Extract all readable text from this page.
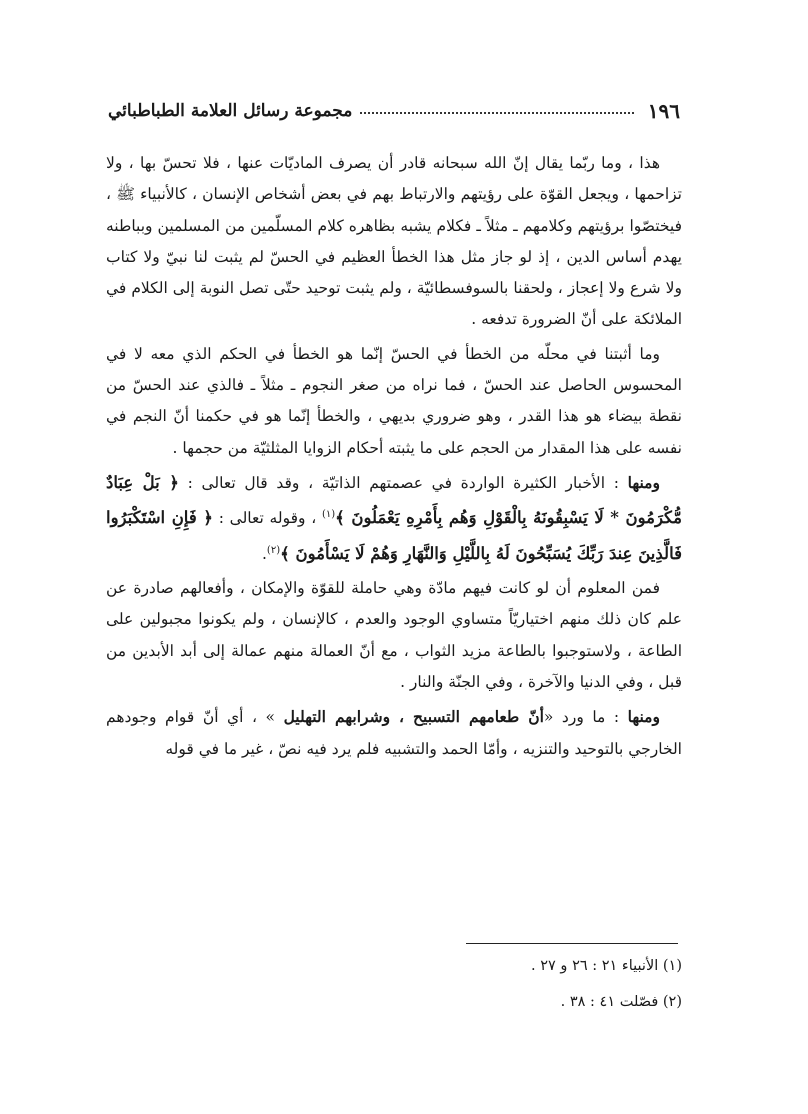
١٩٦
مجموعة رسائل العلامة الطباطبائي

هذا ، وما ربّما يقال إنّ الله سبحانه قادر أن يصرف الماديّات عنها ، فلا تحسّ بها ، ولا تزاحمها ، ويجعل القوّة على رؤيتهم والارتباط بهم في بعض أشخاص الإنسان ، كالأنبياء ﷺ ، فيختصّوا برؤيتهم وكلامهم ـ مثلاً ـ فكلام يشبه بظاهره كلام المسلّمين من المسلمين وبباطنه يهدم أساس الدين ، إذ لو جاز مثل هذا الخطأ العظيم في الحسّ لم يثبت لنا نبيّ ولا كتاب ولا شرع ولا إعجاز ، ولحقنا بالسوفسطائيّة ، ولم يثبت توحيد حتّى تصل النوبة إلى الكلام في الملائكة على أنّ الضرورة تدفعه .

وما أثبتنا في محلّه من الخطأ في الحسّ إنّما هو الخطأ في الحكم الذي معه لا في المحسوس الحاصل عند الحسّ ، فما نراه من صغر النجوم ـ مثلاً ـ فالذي عند الحسّ من نقطة بيضاء هو هذا القدر ، وهو ضروري بديهي ، والخطأ إنّما هو في حكمنا أنّ النجم في نفسه على هذا المقدار من الحجم على ما يثبته أحكام الزوايا المثلثيّة من حجمها .

ومنها : الأخبار الكثيرة الواردة في عصمتهم الذاتيّة ، وقد قال تعالى : ﴿ بَلْ عِبَادٌ مُّكْرَمُونَ * لَا يَسْبِقُونَهُ بِالْقَوْلِ وَهُم بِأَمْرِهِ يَعْمَلُونَ ﴾$^{(١)}$ ، وقوله تعالى : ﴿ فَإِنِ اسْتَكْبَرُوا فَالَّذِينَ عِندَ رَبِّكَ يُسَبِّحُونَ لَهُ بِاللَّيْلِ وَالنَّهَارِ وَهُمْ لَا يَسْأَمُونَ ﴾$^{(٢)}$.

فمن المعلوم أن لو كانت فيهم مادّة وهي حاملة للقوّة والإمكان ، وأفعالهم صادرة عن علم كان ذلك منهم اختياريّاً متساوي الوجود والعدم ، كالإنسان ، ولم يكونوا مجبولين على الطاعة ، ولاستوجبوا بالطاعة مزيد الثواب ، مع أنّ العمالة منهم عمالة إلى أبد الأبدين من قبل ، وفي الدنيا والآخرة ، وفي الجنّة والنار .

ومنها : ما ورد «أنّ طعامهم التسبيح ، وشرابهم التهليل » ، أي أنّ قوام وجودهم الخارجي بالتوحيد والتنزيه ، وأمّا الحمد والتشبيه فلم يرد فيه نصّ ، غير ما في قوله

(١) الأنبياء ٢١ : ٢٦ و ٢٧ .
(٢) فصّلت ٤١ : ٣٨ .
